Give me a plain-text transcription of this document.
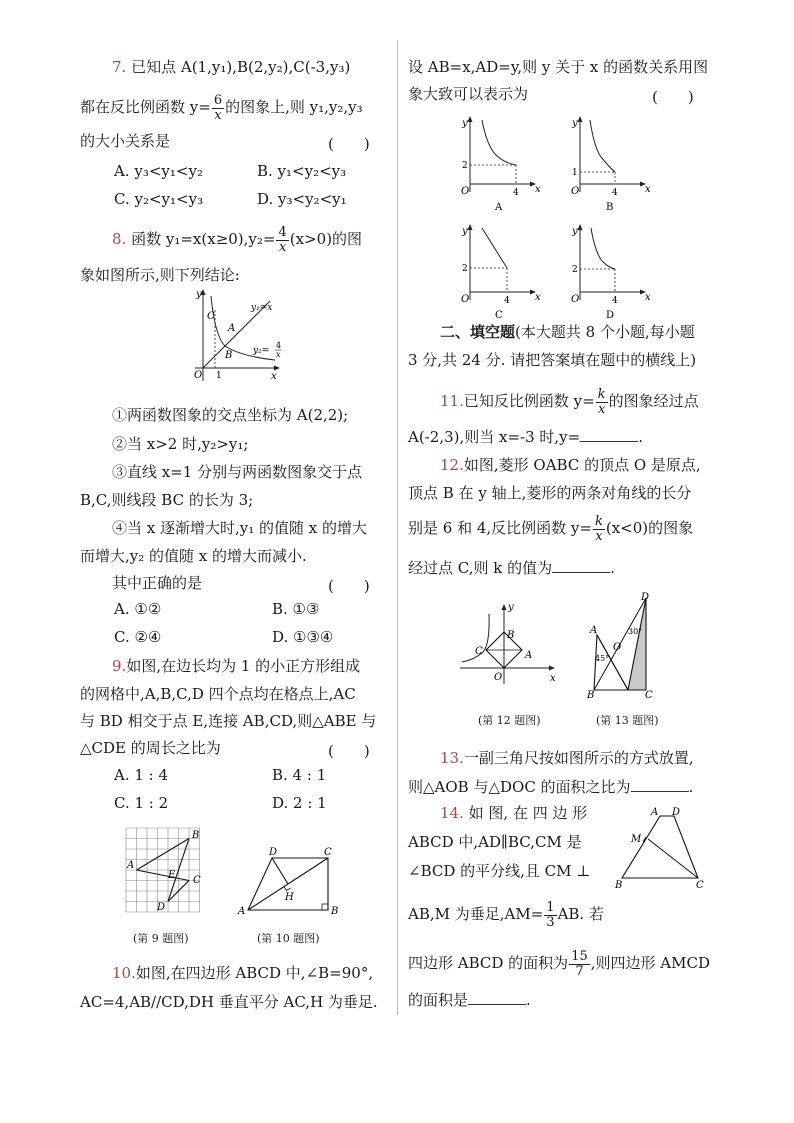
7. 已知点 A(1,y₁),B(2,y₂),C(-3,y₃)
都在反比例函数 $y= \frac{6}{x}$ 的图象上,则 y₁,y₂,y₃
的大小关系是	(　　)
A. y₃<y₁<y₂	B. y₁<y₂<y₃
C. y₂<y₁<y₃	D. y₃<y₂<y₁
8. 函数 $y_1=x(x\ge 0),y_2= \frac{4}{x} (x>0)$的图
象如图所示,则下列结论:
y
x
O 1
A
B
C
y₁=x
y₂=
4
x
①两函数图象的交点坐标为 A(2,2);
②当 x>2 时,y₂>y₁;
③直线 x=1 分别与两函数图象交于点
B,C,则线段 BC 的长为 3;
④当 x 逐渐增大时,y₁ 的值随 x 的增大
而增大,y₂ 的值随 x 的增大而减小.
其中正确的是	(　　)
A. ①②	B. ①③
C. ②④	D. ①③④
9.如图,在边长均为 1 的小正方形组成
的网格中,A,B,C,D 四个点均在格点上,AC
与 BD 相交于点 E,连接 AB,CD,则△ABE 与
△CDE 的周长之比为	(　　)
A. 1 : 4	B. 4 : 1
C. 1 : 2	D. 2 : 1
A
B
C
D
E
(第 9 题图)
A	B
C
D
H
(第 10 题图)
10.如图,在四边形 ABCD 中,∠B=90°,
AC=4,AB//CD,DH 垂直平分 AC,H 为垂足.
设 AB=x,AD=y,则 y 关于 x 的函数关系用图
象大致可以表示为	(　　)
y
x
O
2
4
A
y
x
O
1
4
B
y
x
O
2
4
C
y
x
O
2
4
D
二、填空题(本大题共 8 个小题,每小题
3 分,共 24 分. 请把答案填在题中的横线上)
11.已知反比例函数 $y= \frac{k}{x}$ 的图象经过点
A(-2,3),则当 x=-3 时,y=	.
12.如图,菱形 OABC 的顶点 O 是原点,
顶点 B 在 y 轴上,菱形的两条对角线的长分
别是 6 和 4,反比例函数 $y= \frac{k}{x} (x<0)$的图象
经过点 C,则 k 的值为	.
y
x
O
A
B
C
(第 12 题图)
A
B	C
D
O
45°
30°
(第 13 题图)
13.一副三角尺按如图所示的方式放置,
则△AOB 与△DOC 的面积之比为	.
14. 如 图, 在 四 边 形
ABCD 中,AD∥BC,CM 是
∠BCD 的平分线,且 CM ⊥
AB,M 为垂足$,AM= \frac{1}{3}$ AB. 若
四边形 ABCD 的面积为 $\frac{15}{7}$ ,则四边形 AMCD
的面积是	.
A D
M
B	C
